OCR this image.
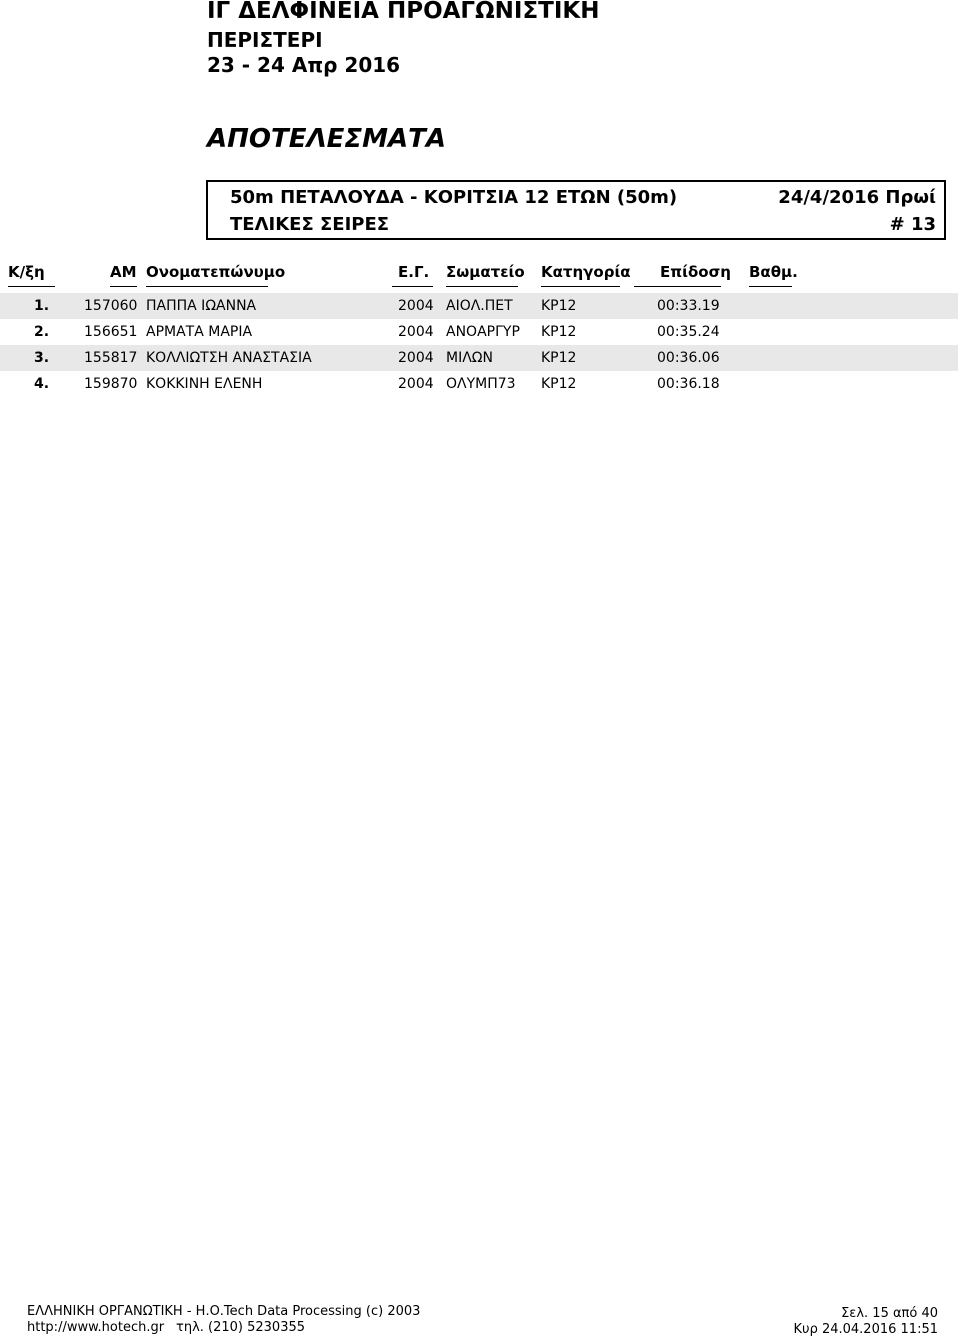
ΙΓ ΔΕΛΦΙΝΕΙΑ ΠΡΟΑΓΩΝΙΣΤΙΚΗ
ΠΕΡΙΣΤΕΡΙ
23 - 24 Απρ 2016
ΑΠΟΤΕΛΕΣΜΑΤΑ
50m ΠΕΤΑΛΟΥΔΑ - ΚΟΡΙΤΣΙΑ 12 ΕΤΩΝ (50m)	24/4/2016 Πρωί
ΤΕΛΙΚΕΣ ΣΕΙΡΕΣ	# 13
Κ/ξη	ΑΜ Ονοματεπώνυμο	Ε.Γ. Σωματείο Κατηγορία Επίδοση Βαθμ.
1. 157060 ΠΑΠΠΑ ΙΩΑΝΝΑ	2004 ΑΙΟΛ.ΠΕΤ ΚΡ12	00:33.19
2. 156651 ΑΡΜΑΤΑ ΜΑΡΙΑ	2004 ΑΝΟΑΡΓΥΡ ΚΡ12	00:35.24
3. 155817 ΚΟΛΛΙΩΤΣΗ ΑΝΑΣΤΑΣΙΑ	2004 ΜΙΛΩΝ	ΚΡ12	00:36.06
4. 159870 ΚΟΚΚΙΝΗ ΕΛΕΝΗ	2004 ΟΛΥΜΠ73 ΚΡ12	00:36.18
ΕΛΛΗΝΙΚΗ ΟΡΓΑΝΩΤΙΚΗ - Η.Ο.Tech Data Processing (c) 2003
http://www.hotech.gr τηλ. (210) 5230355
Σελ. 15 από 40
Κυρ 24.04.2016 11:51
